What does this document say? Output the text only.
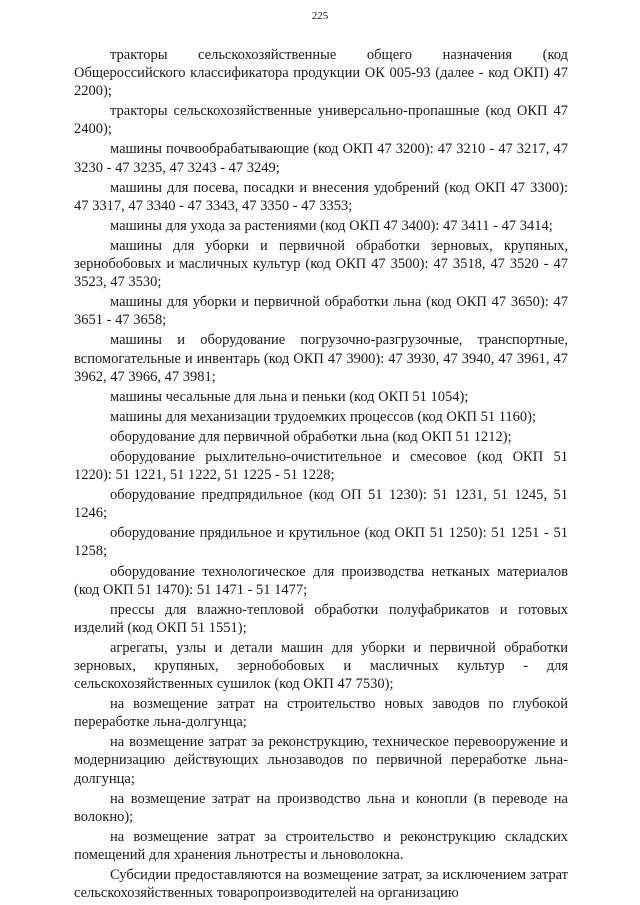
225

тракторы сельскохозяйственные общего назначения (код Общероссийского классификатора продукции ОК 005-93 (далее - код ОКП) 47 2200);

тракторы сельскохозяйственные универсально-пропашные (код ОКП 47 2400);

машины почвообрабатывающие (код ОКП 47 3200): 47 3210 - 47 3217, 47 3230 - 47 3235, 47 3243 - 47 3249;

машины для посева, посадки и внесения удобрений (код ОКП 47 3300): 47 3317, 47 3340 - 47 3343, 47 3350 - 47 3353;

машины для ухода за растениями (код ОКП 47 3400): 47 3411 - 47 3414;

машины для уборки и первичной обработки зерновых, крупяных, зернобобовых и масличных культур (код ОКП 47 3500): 47 3518, 47 3520 - 47 3523, 47 3530;

машины для уборки и первичной обработки льна (код ОКП 47 3650): 47 3651 - 47 3658;

машины и оборудование погрузочно-разгрузочные, транспортные, вспомогательные и инвентарь (код ОКП 47 3900): 47 3930, 47 3940, 47 3961, 47 3962, 47 3966, 47 3981;

машины чесальные для льна и пеньки (код ОКП 51 1054);

машины для механизации трудоемких процессов (код ОКП 51 1160);

оборудование для первичной обработки льна (код ОКП 51 1212);

оборудование рыхлительно-очистительное и смесовое (код ОКП 51 1220): 51 1221, 51 1222, 51 1225 - 51 1228;

оборудование предпрядильное (код ОП 51 1230): 51 1231, 51 1245, 51 1246;

оборудование прядильное и крутильное (код ОКП 51 1250): 51 1251 - 51 1258;

оборудование технологическое для производства нетканых материалов (код ОКП 51 1470): 51 1471 - 51 1477;

прессы для влажно-тепловой обработки полуфабрикатов и готовых изделий (код ОКП 51 1551);

агрегаты, узлы и детали машин для уборки и первичной обработки зерновых, крупяных, зернобобовых и масличных культур - для сельскохозяйственных сушилок (код ОКП 47 7530);

на возмещение затрат на строительство новых заводов по глубокой переработке льна-долгунца;

на возмещение затрат за реконструкцию, техническое перевооружение и модернизацию действующих льнозаводов по первичной переработке льна-долгунца;

на возмещение затрат на производство льна и конопли (в переводе на волокно);

на возмещение затрат за строительство и реконструкцию складских помещений для хранения льнотресты и льноволокна.

Субсидии предоставляются на возмещение затрат, за исключением затрат сельскохозяйственных товаропроизводителей на организацию
